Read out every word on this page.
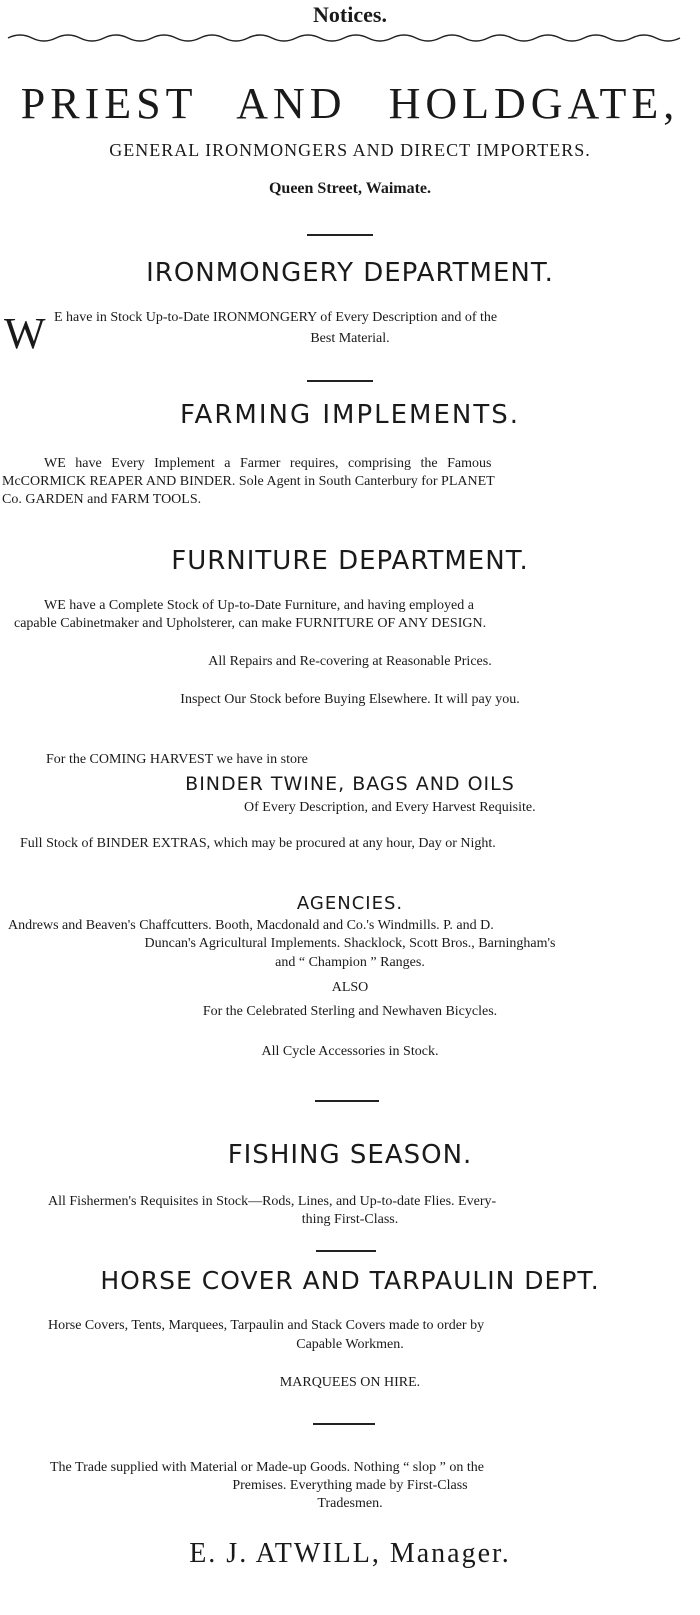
Notices.
PRIEST AND HOLDGATE,
GENERAL IRONMONGERS AND DIRECT IMPORTERS.
Queen Street, Waimate.
IRONMONGERY DEPARTMENT.
W E have in Stock Up-to-Date IRONMONGERY of Every Description and of the
Best Material.
FARMING IMPLEMENTS.
WE have Every Implement a Farmer requires, comprising the Famous
McCORMICK REAPER AND BINDER. Sole Agent in South Canterbury for PLANET
Co. GARDEN and FARM TOOLS.
FURNITURE DEPARTMENT.
WE have a Complete Stock of Up-to-Date Furniture, and having employed a
capable Cabinetmaker and Upholsterer, can make FURNITURE OF ANY DESIGN.
All Repairs and Re-covering at Reasonable Prices.
Inspect Our Stock before Buying Elsewhere. It will pay you.
For the COMING HARVEST we have in store
BINDER TWINE, BAGS AND OILS
Of Every Description, and Every Harvest Requisite.
Full Stock of BINDER EXTRAS, which may be procured at any hour, Day or Night.
AGENCIES.
Andrews and Beaven's Chaffcutters. Booth, Macdonald and Co.'s Windmills. P. and D.
Duncan's Agricultural Implements. Shacklock, Scott Bros., Barningham's
and “ Champion ” Ranges.
ALSO
For the Celebrated Sterling and Newhaven Bicycles.
All Cycle Accessories in Stock.
FISHING SEASON.
All Fishermen's Requisites in Stock—Rods, Lines, and Up-to-date Flies. Every-
thing First-Class.
HORSE COVER AND TARPAULIN DEPT.
Horse Covers, Tents, Marquees, Tarpaulin and Stack Covers made to order by
Capable Workmen.
MARQUEES ON HIRE.
The Trade supplied with Material or Made-up Goods. Nothing “ slop ” on the
Premises. Everything made by First-Class
Tradesmen.
E. J. ATWILL, Manager.
